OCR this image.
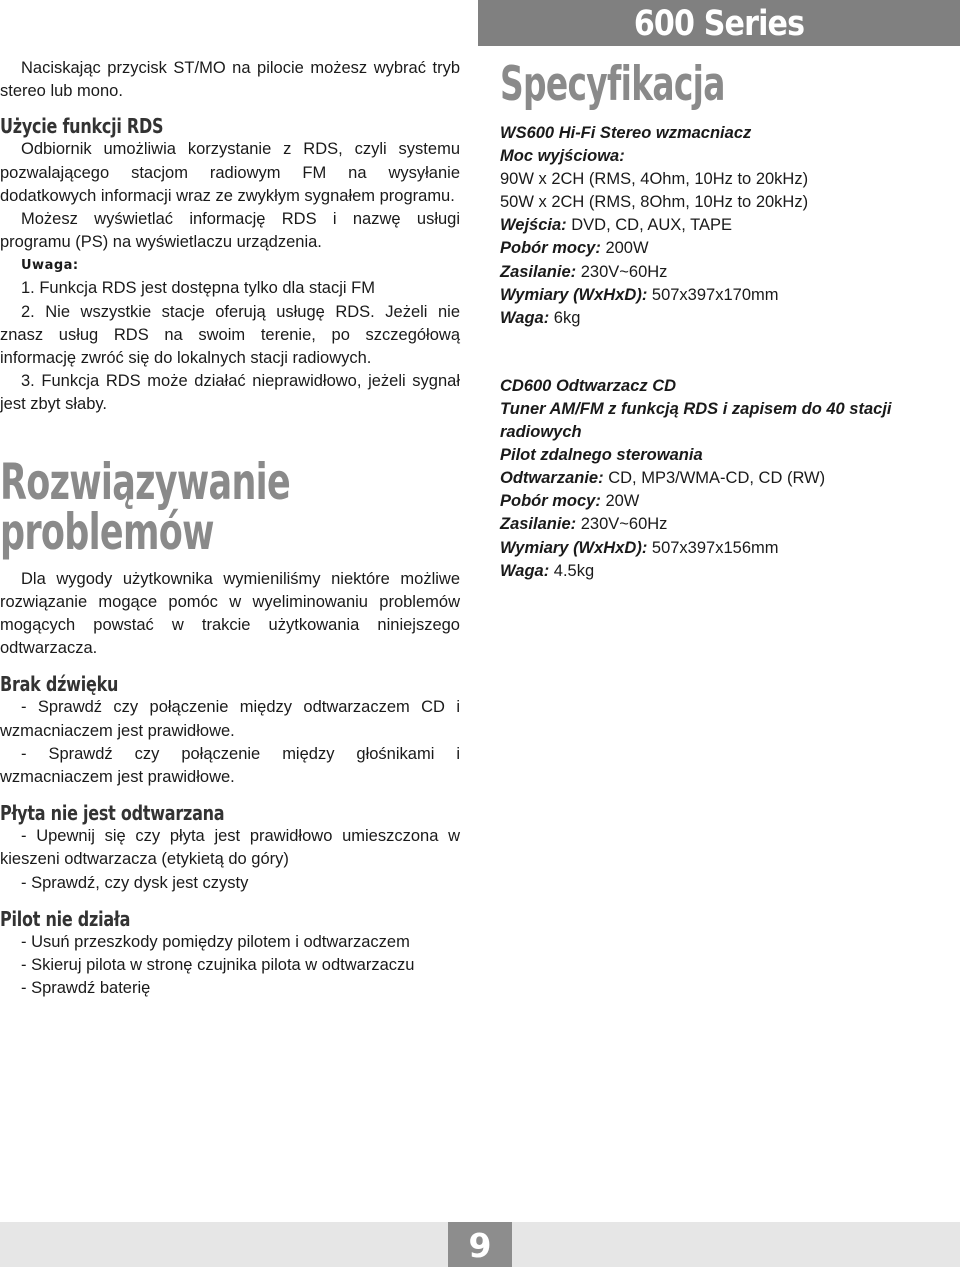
600 Series

Naciskając przycisk ST/MO na pilocie możesz wybrać tryb stereo lub mono.

Użycie funkcji RDS

Odbiornik umożliwia korzystanie z RDS, czyli systemu pozwalającego stacjom radiowym FM na wysyłanie dodatkowych informacji wraz ze zwykłym sygnałem programu.

Możesz wyświetlać informację RDS i nazwę usługi programu (PS) na wyświetlaczu urządzenia.

Uwaga:

1. Funkcja RDS jest dostępna tylko dla stacji FM

2. Nie wszystkie stacje oferują usługę RDS. Jeżeli nie znasz usług RDS na swoim terenie, po szczegółową informację zwróć się do lokalnych stacji radiowych.

3. Funkcja RDS może działać nieprawidłowo, jeżeli sygnał jest zbyt słaby.

Rozwiązywanie

problemów

Dla wygody użytkownika wymieniliśmy niektóre możliwe rozwiązanie mogące pomóc w wyeliminowaniu problemów mogących powstać w trakcie użytkowania niniejszego odtwarzacza.

Brak dźwięku

- Sprawdź czy połączenie między odtwarzaczem CD i wzmacniaczem jest prawidłowe.

- Sprawdź czy połączenie między głośnikami i wzmacniaczem jest prawidłowe.

Płyta nie jest odtwarzana

- Upewnij się czy płyta jest prawidłowo umieszczona w kieszeni odtwarzacza (etykietą do góry)

- Sprawdź, czy dysk jest czysty

Pilot nie działa

- Usuń przeszkody pomiędzy pilotem i odtwarzaczem

- Skieruj pilota w stronę czujnika pilota w odtwarzaczu

- Sprawdź baterię

Specyfikacja

WS600 Hi-Fi Stereo wzmacniacz

Moc wyjściowa:

90W x 2CH (RMS, 4Ohm, 10Hz to 20kHz)

50W x 2CH (RMS, 8Ohm, 10Hz to 20kHz)

Wejścia: DVD, CD, AUX, TAPE

Pobór mocy: 200W

Zasilanie: 230V~60Hz

Wymiary (WxHxD): 507x397x170mm

Waga: 6kg

CD600 Odtwarzacz CD

Tuner AM/FM z funkcją RDS i zapisem do 40 stacji radiowych

Pilot zdalnego sterowania

Odtwarzanie: CD, MP3/WMA-CD, CD (RW)

Pobór mocy: 20W

Zasilanie: 230V~60Hz

Wymiary (WxHxD): 507x397x156mm

Waga: 4.5kg

9
